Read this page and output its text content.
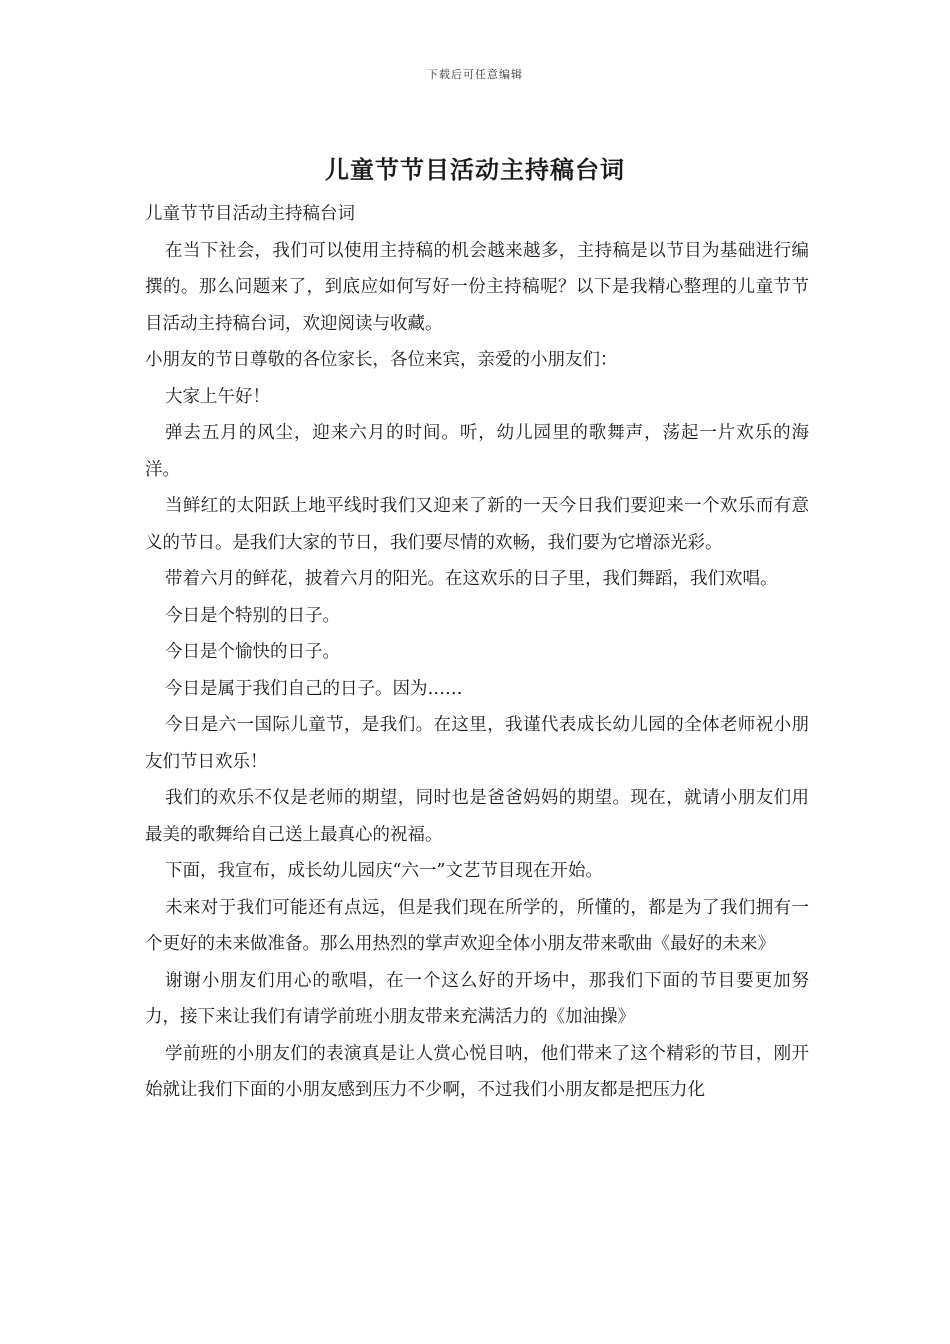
下载后可任意编辑
儿童节节目活动主持稿台词

儿童节节目活动主持稿台词

在当下社会，我们可以使用主持稿的机会越来越多，主持稿是以节目为基础进行编撰的。那么问题来了，到底应如何写好一份主持稿呢？以下是我精心整理的儿童节节目活动主持稿台词，欢迎阅读与收藏。

小朋友的节日尊敬的各位家长，各位来宾，亲爱的小朋友们：

大家上午好！

弹去五月的风尘，迎来六月的时间。听，幼儿园里的歌舞声，荡起一片欢乐的海洋。

当鲜红的太阳跃上地平线时我们又迎来了新的一天今日我们要迎来一个欢乐而有意义的节日。是我们大家的节日，我们要尽情的欢畅，我们要为它增添光彩。

带着六月的鲜花，披着六月的阳光。在这欢乐的日子里，我们舞蹈，我们欢唱。

今日是个特别的日子。

今日是个愉快的日子。

今日是属于我们自己的日子。因为……

今日是六一国际儿童节，是我们。在这里，我谨代表成长幼儿园的全体老师祝小朋友们节日欢乐！

我们的欢乐不仅是老师的期望，同时也是爸爸妈妈的期望。现在，就请小朋友们用最美的歌舞给自己送上最真心的祝福。

下面，我宣布，成长幼儿园庆“六一”文艺节目现在开始。

未来对于我们可能还有点远，但是我们现在所学的，所懂的，都是为了我们拥有一个更好的未来做准备。那么用热烈的掌声欢迎全体小朋友带来歌曲《最好的未来》

谢谢小朋友们用心的歌唱，在一个这么好的开场中，那我们下面的节目要更加努力，接下来让我们有请学前班小朋友带来充满活力的《加油操》

学前班的小朋友们的表演真是让人赏心悦目呐，他们带来了这个精彩的节目，刚开始就让我们下面的小朋友感到压力不少啊，不过我们小朋友都是把压力化
